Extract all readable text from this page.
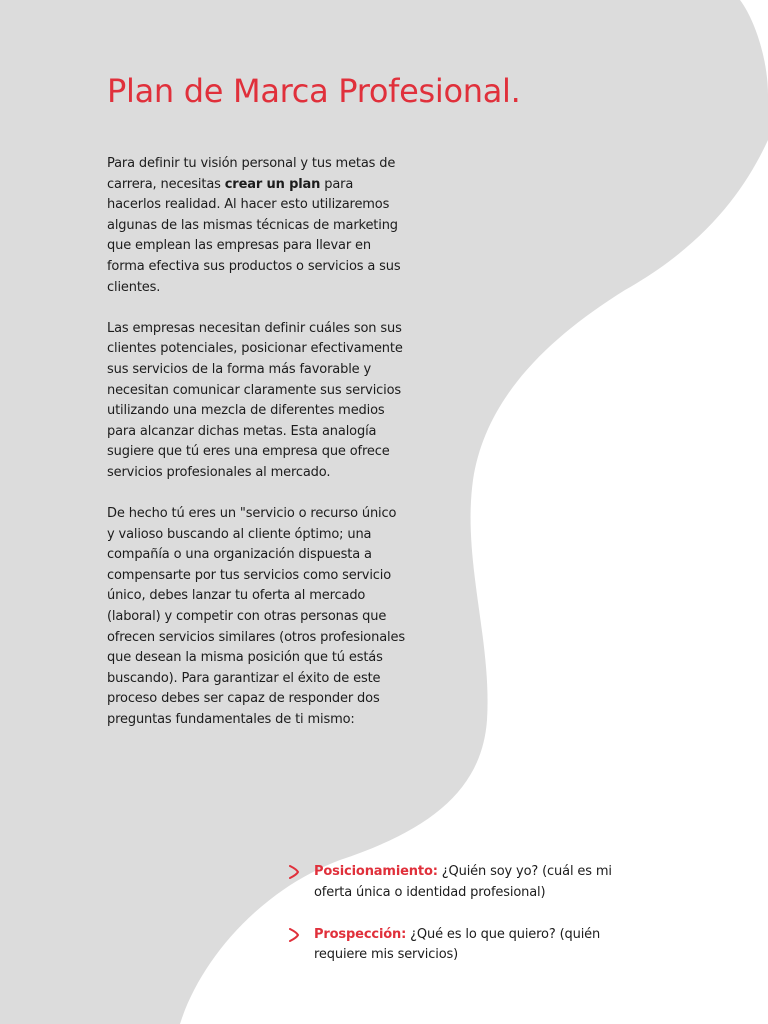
Plan de Marca Profesional.

Para definir tu visión personal y tus metas de carrera, necesitas crear un plan para hacerlos realidad. Al hacer esto utilizaremos algunas de las mismas técnicas de marketing que emplean las empresas para llevar en forma efectiva sus productos o servicios a sus clientes.

Las empresas necesitan definir cuáles son sus clientes potenciales, posicionar efectivamente sus servicios de la forma más favorable y necesitan comunicar claramente sus servicios utilizando una mezcla de diferentes medios para alcanzar dichas metas. Esta analogía sugiere que tú eres una empresa que ofrece servicios profesionales al mercado.

De hecho tú eres un "servicio o recurso único y valioso buscando al cliente óptimo; una compañía o una organización dispuesta a compensarte por tus servicios como servicio único, debes lanzar tu oferta al mercado (laboral) y competir con otras personas que ofrecen servicios similares (otros profesionales que desean la misma posición que tú estás buscando). Para garantizar el éxito de este proceso debes ser capaz de responder dos preguntas fundamentales de ti mismo:

Posicionamiento: ¿Quién soy yo? (cuál es mi oferta única o identidad profesional)
Prospección: ¿Qué es lo que quiero? (quién requiere mis servicios)
